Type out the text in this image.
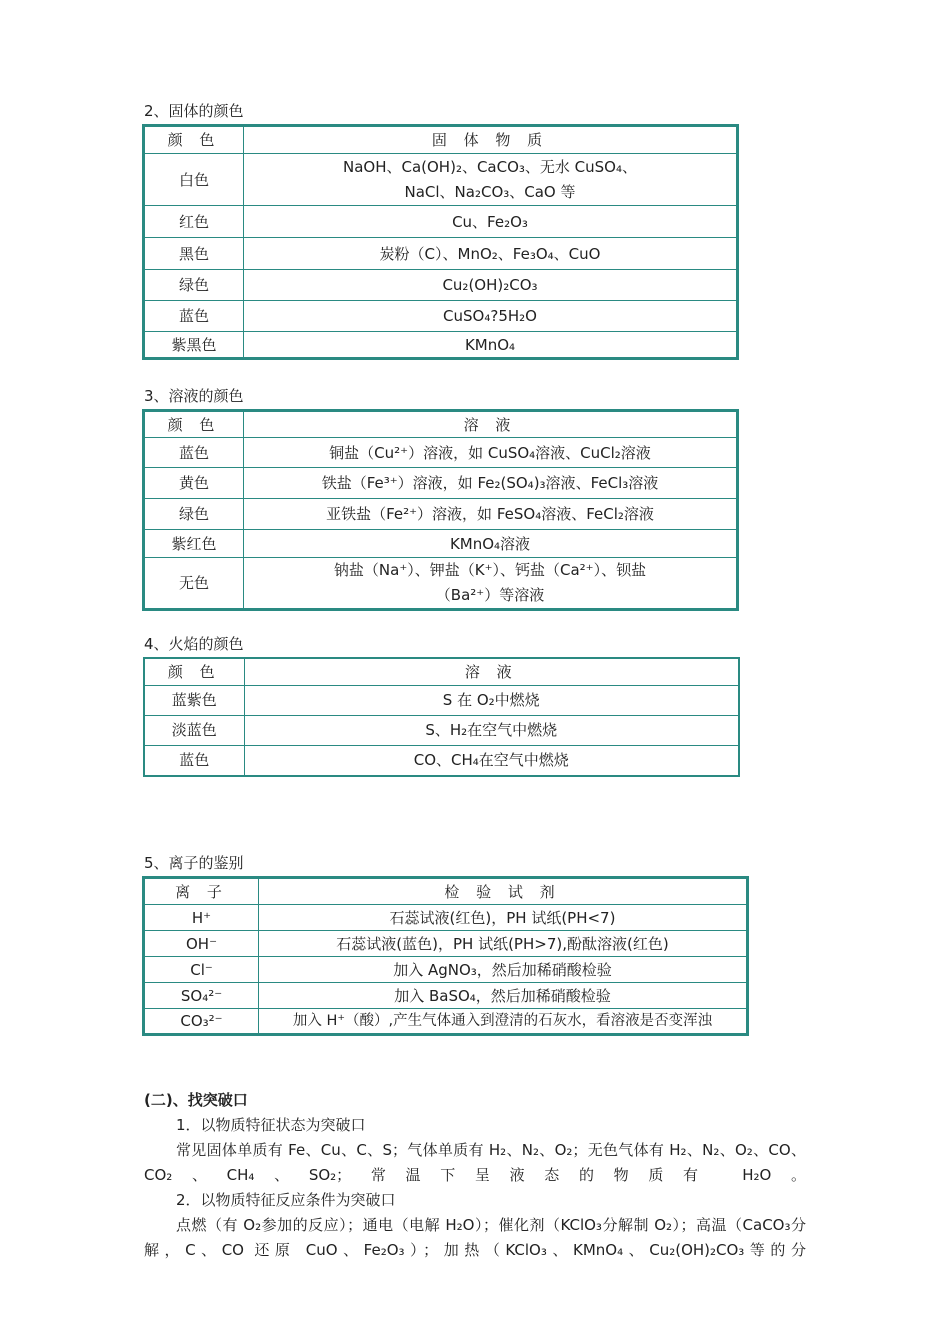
2、固体的颜色
颜 色	固 体 物 质
白色	NaOH、Ca(OH)₂、CaCO₃、无水 CuSO₄、NaCl、Na₂CO₃、CaO 等
红色	Cu、Fe₂O₃
黑色	炭粉（C）、MnO₂、Fe₃O₄、CuO
绿色	Cu₂(OH)₂CO₃
蓝色	CuSO₄?5H₂O
紫黑色	KMnO₄
3、溶液的颜色
颜 色	溶 液
蓝色	铜盐（Cu²⁺）溶液，如 CuSO₄溶液、CuCl₂溶液
黄色	铁盐（Fe³⁺）溶液，如 Fe₂(SO₄)₃溶液、FeCl₃溶液
绿色	亚铁盐（Fe²⁺）溶液，如 FeSO₄溶液、FeCl₂溶液
紫红色	KMnO₄溶液
无色	钠盐（Na⁺）、钾盐（K⁺）、钙盐（Ca²⁺）、钡盐（Ba²⁺）等溶液
4、火焰的颜色
颜 色	溶 液
蓝紫色	S 在 O₂中燃烧
淡蓝色	S、H₂在空气中燃烧
蓝色	CO、CH₄在空气中燃烧
5、离子的鉴别
离 子	检 验 试 剂
H⁺	石蕊试液(红色)，PH 试纸(PH<7)
OH⁻	石蕊试液(蓝色)，PH 试纸(PH>7),酚酞溶液(红色)
Cl⁻	加入 AgNO₃，然后加稀硝酸检验
SO₄²⁻	加入 BaSO₄，然后加稀硝酸检验
CO₃²⁻	加入 H⁺（酸）,产生气体通入到澄清的石灰水，看溶液是否变浑浊
(二)、找突破口
1．以物质特征状态为突破口
常见固体单质有 Fe、Cu、C、S；气体单质有 H₂、N₂、O₂；无色气体有 H₂、N₂、O₂、CO、CO₂、CH₄、SO₂；常温下呈液态的物质有 H₂O。
2．以物质特征反应条件为突破口
点燃（有 O₂参加的反应）；通电（电解 H₂O）；催化剂（KClO₃分解制 O₂）；高温（CaCO₃分解，C、CO 还原 CuO、Fe₂O₃）；加热（KClO₃、KMnO₄、Cu₂(OH)₂CO₃等的分
